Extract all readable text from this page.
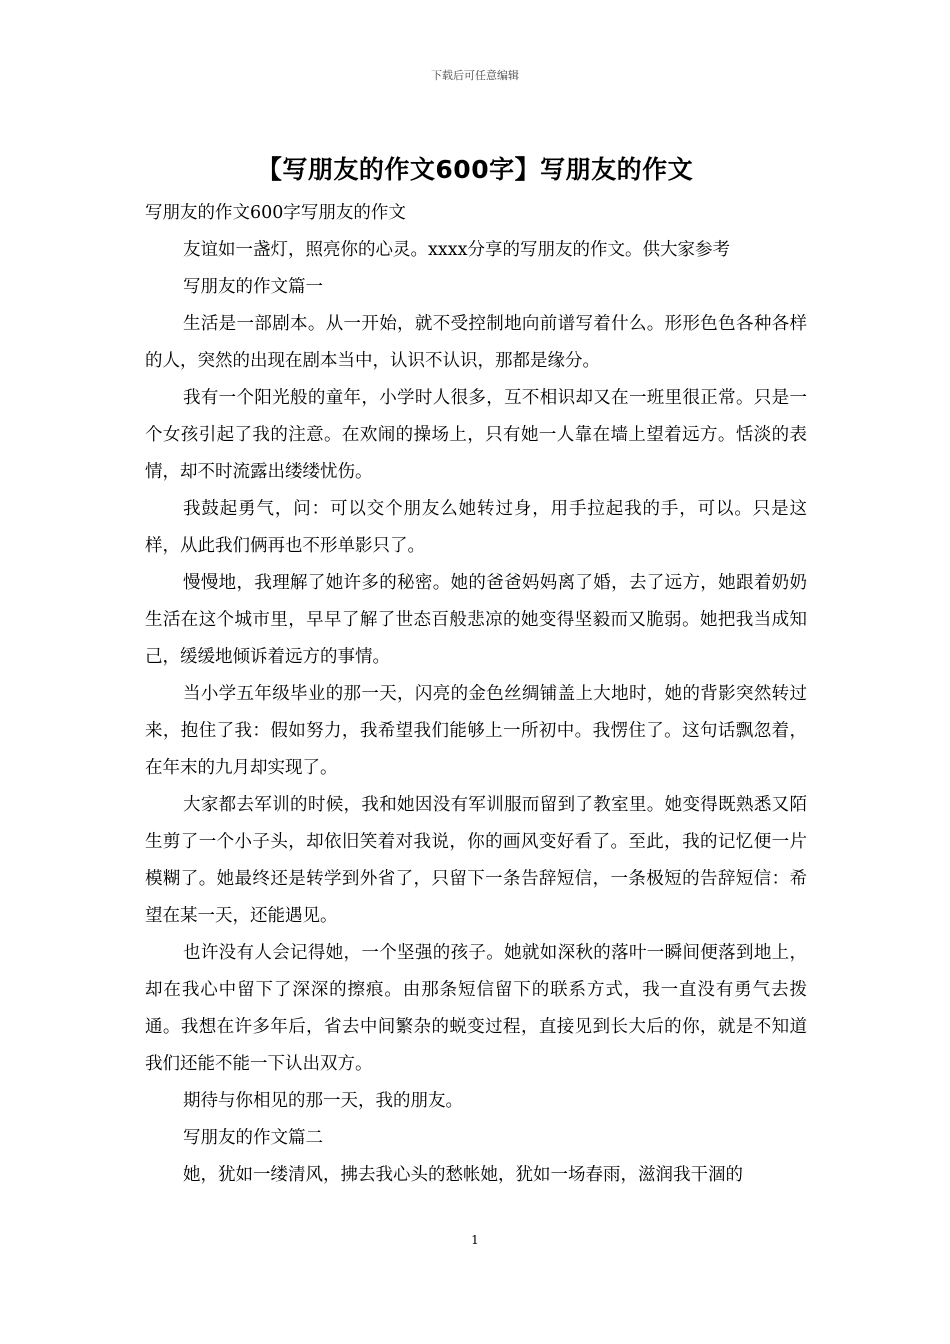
下载后可任意编辑
【写朋友的作文600字】写朋友的作文

写朋友的作文600字写朋友的作文

友谊如一盏灯，照亮你的心灵。xxxx分享的写朋友的作文。供大家参考

写朋友的作文篇一

生活是一部剧本。从一开始，就不受控制地向前谱写着什么。形形色色各种各样的人，突然的出现在剧本当中，认识不认识，那都是缘分。

我有一个阳光般的童年，小学时人很多，互不相识却又在一班里很正常。只是一个女孩引起了我的注意。在欢闹的操场上，只有她一人靠在墙上望着远方。恬淡的表情，却不时流露出缕缕忧伤。

我鼓起勇气，问：可以交个朋友么她转过身，用手拉起我的手，可以。只是这样，从此我们俩再也不形单影只了。

慢慢地，我理解了她许多的秘密。她的爸爸妈妈离了婚，去了远方，她跟着奶奶生活在这个城市里，早早了解了世态百般悲凉的她变得坚毅而又脆弱。她把我当成知己，缓缓地倾诉着远方的事情。

当小学五年级毕业的那一天，闪亮的金色丝绸铺盖上大地时，她的背影突然转过来，抱住了我：假如努力，我希望我们能够上一所初中。我愣住了。这句话飘忽着，在年末的九月却实现了。

大家都去军训的时候，我和她因没有军训服而留到了教室里。她变得既熟悉又陌生剪了一个小子头，却依旧笑着对我说，你的画风变好看了。至此，我的记忆便一片模糊了。她最终还是转学到外省了，只留下一条告辞短信，一条极短的告辞短信：希望在某一天，还能遇见。

也许没有人会记得她，一个坚强的孩子。她就如深秋的落叶一瞬间便落到地上，却在我心中留下了深深的擦痕。由那条短信留下的联系方式，我一直没有勇气去拨通。我想在许多年后，省去中间繁杂的蜕变过程，直接见到长大后的你，就是不知道我们还能不能一下认出双方。

期待与你相见的那一天，我的朋友。

写朋友的作文篇二

她，犹如一缕清风，拂去我心头的愁帐她，犹如一场春雨，滋润我干涸的

1
